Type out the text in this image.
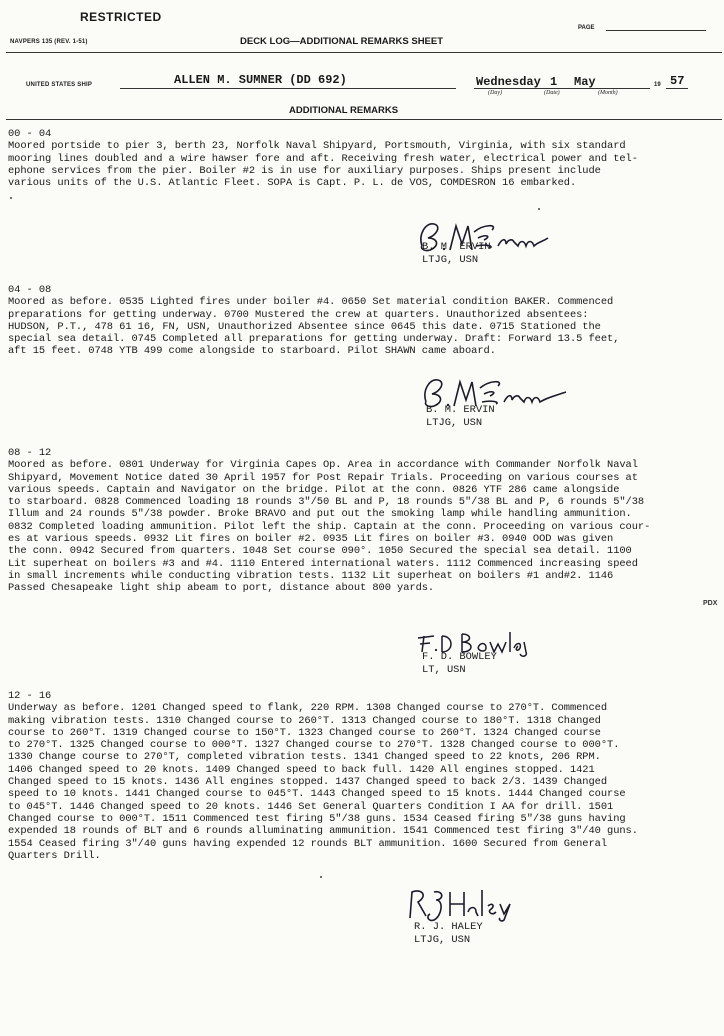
RESTRICTED
NAVPERS 135 (REV. 1-51)	DECK LOG—ADDITIONAL REMARKS SHEET
PAGE
UNITED STATES SHIP	ALLEN M. SUMNER (DD 692)	Wednesday 1 May
(Day)	(Date)	(Month)
19 57
ADDITIONAL REMARKS
00 - 04
Moored portside to pier 3, berth 23, Norfolk Naval Shipyard, Portsmouth, Virginia, with six standard
mooring lines doubled and a wire hawser fore and aft. Receiving fresh water, electrical power and tel-
ephone services from the pier. Boiler #2 is in use for auxiliary purposes. Ships present include
various units of the U.S. Atlantic Fleet. SOPA is Capt. P. L. de VOS, COMDESRON 16 embarked.
B. M. ERVIN
LTJG, USN
04 - 08
Moored as before. 0535 Lighted fires under boiler #4. 0650 Set material condition BAKER. Commenced
preparations for getting underway. 0700 Mustered the crew at quarters. Unauthorized absentees:
HUDSON, P.T., 478 61 16, FN, USN, Unauthorized Absentee since 0645 this date. 0715 Stationed the
special sea detail. 0745 Completed all preparations for getting underway. Draft: Forward 13.5 feet,
aft 15 feet. 0748 YTB 499 come alongside to starboard. Pilot SHAWN came aboard.
B. M. ERVIN
LTJG, USN
08 - 12
Moored as before. 0801 Underway for Virginia Capes Op. Area in accordance with Commander Norfolk Naval
Shipyard, Movement Notice dated 30 April 1957 for Post Repair Trials. Proceeding on various courses at
various speeds. Captain and Navigator on the bridge. Pilot at the conn. 0826 YTF 286 came alongside
to starboard. 0828 Commenced loading 18 rounds 3"/50 BL and P, 18 rounds 5"/38 BL and P, 6 rounds 5"/38
Illum and 24 rounds 5"/38 powder. Broke BRAVO and put out the smoking lamp while handling ammunition.
0832 Completed loading ammunition. Pilot left the ship. Captain at the conn. Proceeding on various cour-
es at various speeds. 0932 Lit fires on boiler #2. 0935 Lit fires on boiler #3. 0940 OOD was given
the conn. 0942 Secured from quarters. 1048 Set course 090°. 1050 Secured the special sea detail. 1100
Lit superheat on boilers #3 and #4. 1110 Entered international waters. 1112 Commenced increasing speed
in small increments while conducting vibration tests. 1132 Lit superheat on boilers #1 and#2. 1146
Passed Chesapeake light ship abeam to port, distance about 800 yards.
PDX
F. D. BOWLEY
LT, USN
12 - 16
Underway as before. 1201 Changed speed to flank, 220 RPM. 1308 Changed course to 270°T. Commenced
making vibration tests. 1310 Changed course to 260°T. 1313 Changed course to 180°T. 1318 Changed
course to 260°T. 1319 Changed course to 150°T. 1323 Changed course to 260°T. 1324 Changed course
to 270°T. 1325 Changed course to 000°T. 1327 Changed course to 270°T. 1328 Changed course to 000°T.
1330 Change course to 270°T, completed vibration tests. 1341 Changed speed to 22 knots, 206 RPM.
1406 Changed speed to 20 knots. 1409 Changed speed to back full. 1420 All engines stopped. 1421
Changed speed to 15 knots. 1436 All engines stopped. 1437 Changed speed to back 2/3. 1439 Changed
speed to 10 knots. 1441 Changed course to 045°T. 1443 Changed speed to 15 knots. 1444 Changed course
to 045°T. 1446 Changed speed to 20 knots. 1446 Set General Quarters Condition I AA for drill. 1501
Changed course to 000°T. 1511 Commenced test firing 5"/38 guns. 1534 Ceased firing 5"/38 guns having
expended 18 rounds of BLT and 6 rounds alluminating ammunition. 1541 Commenced test firing 3"/40 guns.
1554 Ceased firing 3"/40 guns having expended 12 rounds BLT ammunition. 1600 Secured from General
Quarters Drill.
R. J. HALEY
LTJG, USN
